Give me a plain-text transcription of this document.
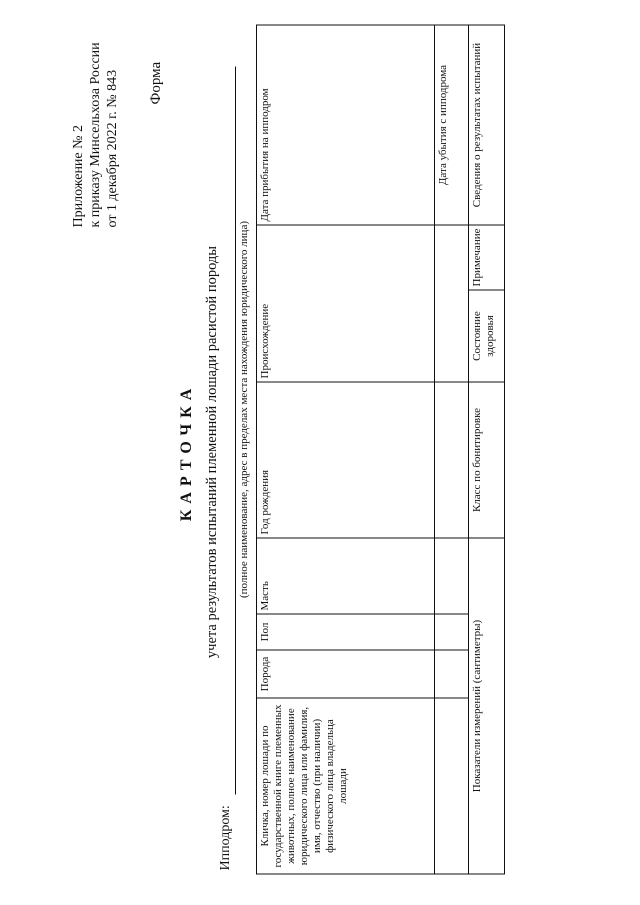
Приложение № 2 к приказу Минсельхоза России от 1 декабря 2022 г. № 843 Форма
КАРТОЧКА учета результатов испытаний племенной лошади расистой породы
Ипподром:
(полное наименование, адрес в пределах места нахождения юридического лица)
Кличка, номер лошади по государственной книге племенных животных, полное наименование юридического лица или фамилия, имя, отчество (при наличии) физического лица владельца лошади	Порода	Пол	Масть	Год рождения	Происхождение		Дата прибытия на ипподром
							Дата убытия с ипподрома
Показатели измерений (сантиметры)				Класс по бонитировке	Состояние здоровья	Примечание	Сведения о результатах испытаний
